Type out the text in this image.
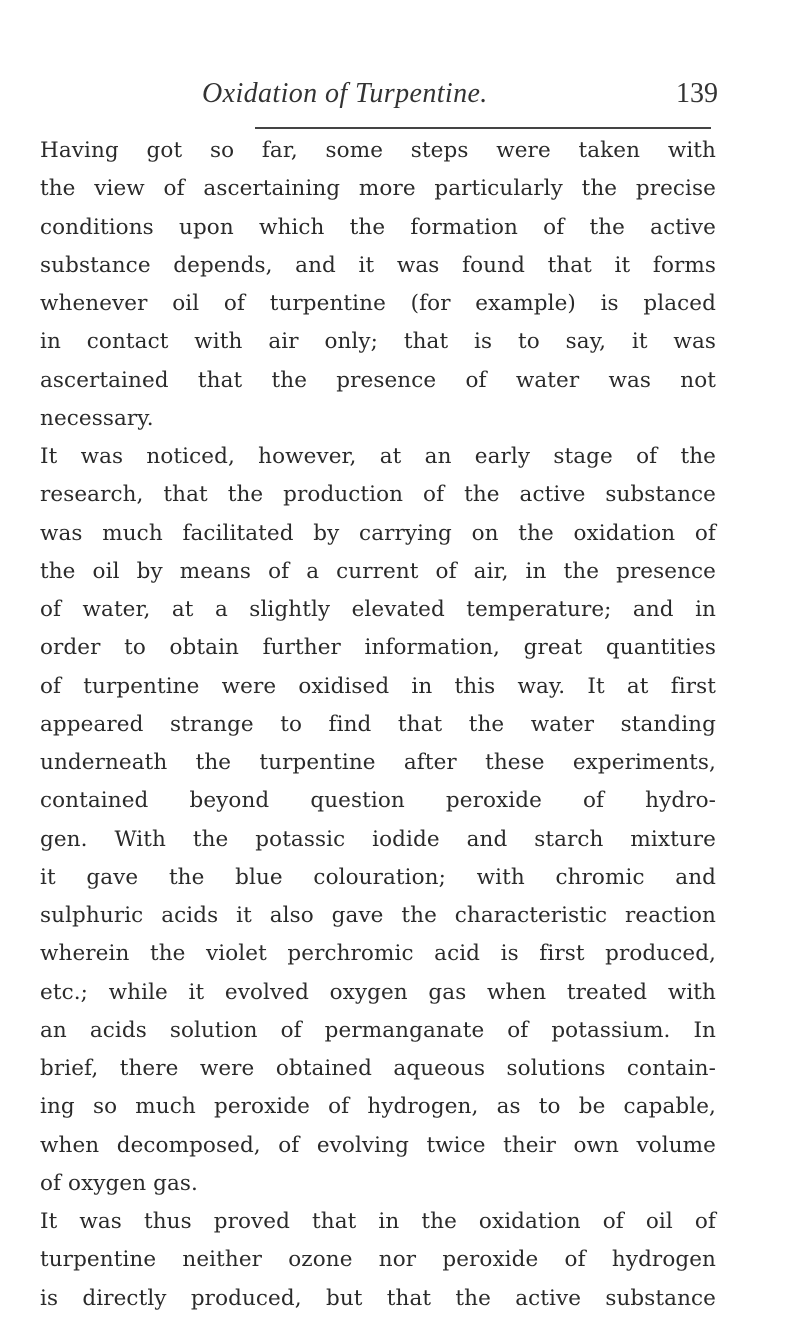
Oxidation of Turpentine.	139
Having got so far, some steps were taken with
the view of ascertaining more particularly the precise
conditions upon which the formation of the active
substance depends, and it was found that it forms
whenever oil of turpentine (for example) is placed
in contact with air only; that is to say, it was
ascertained that the presence of water was not
necessary.
It was noticed, however, at an early stage of the
research, that the production of the active substance
was much facilitated by carrying on the oxidation of
the oil by means of a current of air, in the presence
of water, at a slightly elevated temperature; and in
order to obtain further information, great quantities
of turpentine were oxidised in this way. It at first
appeared strange to find that the water standing
underneath the turpentine after these experiments,
contained beyond question peroxide of hydro-
gen. With the potassic iodide and starch mixture
it gave the blue colouration; with chromic and
sulphuric acids it also gave the characteristic reaction
wherein the violet perchromic acid is first produced,
etc.; while it evolved oxygen gas when treated with
an acids solution of permanganate of potassium. In
brief, there were obtained aqueous solutions contain-
ing so much peroxide of hydrogen, as to be capable,
when decomposed, of evolving twice their own volume
of oxygen gas.
It was thus proved that in the oxidation of oil of
turpentine neither ozone nor peroxide of hydrogen
is directly produced, but that the active substance
